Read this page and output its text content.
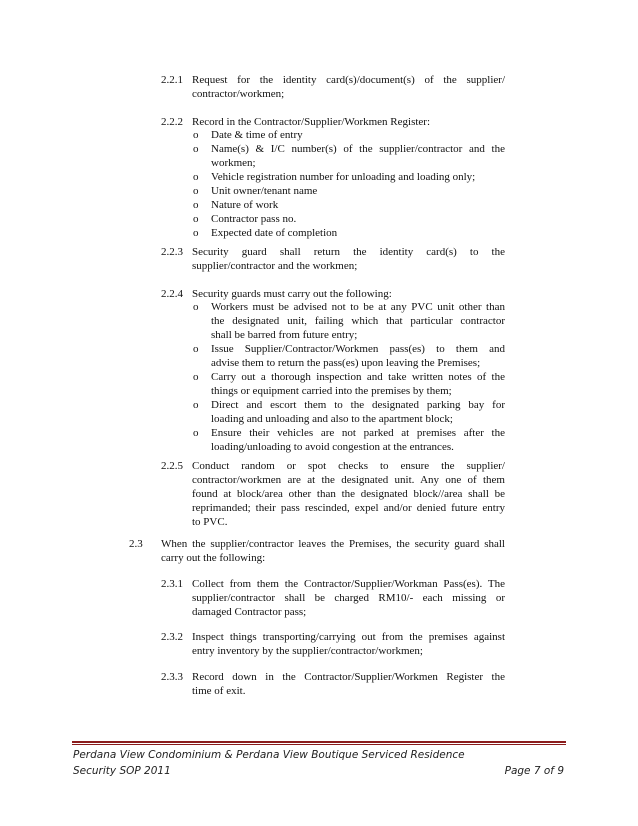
2.2.1 Request for the identity card(s)/document(s) of the supplier/
contractor/workmen;
2.2.2 Record in the Contractor/Supplier/Workmen Register:
o Date & time of entry
o Name(s) & I/C number(s) of the supplier/contractor and the
workmen;
o Vehicle registration number for unloading and loading only;
o Unit owner/tenant name
o Nature of work
o Contractor pass no.
o Expected date of completion
2.2.3 Security guard shall return the identity card(s) to the
supplier/contractor and the workmen;
2.2.4 Security guards must carry out the following:
o Workers must be advised not to be at any PVC unit other than
the designated unit, failing which that particular contractor
shall be barred from future entry;
o Issue Supplier/Contractor/Workmen pass(es) to them and
advise them to return the pass(es) upon leaving the Premises;
o Carry out a thorough inspection and take written notes of the
things or equipment carried into the premises by them;
o Direct and escort them to the designated parking bay for
loading and unloading and also to the apartment block;
o Ensure their vehicles are not parked at premises after the
loading/unloading to avoid congestion at the entrances.
2.2.5 Conduct random or spot checks to ensure the supplier/
contractor/workmen are at the designated unit. Any one of them
found at block/area other than the designated block//area shall be
reprimanded; their pass rescinded, expel and/or denied future entry
to PVC.
2.3 When the supplier/contractor leaves the Premises, the security guard shall
carry out the following:
2.3.1 Collect from them the Contractor/Supplier/Workman Pass(es). The
supplier/contractor shall be charged RM10/- each missing or
damaged Contractor pass;
2.3.2 Inspect things transporting/carrying out from the premises against
entry inventory by the supplier/contractor/workmen;
2.3.3 Record down in the Contractor/Supplier/Workmen Register the
time of exit.
Perdana View Condominium & Perdana View Boutique Serviced Residence
Security SOP 2011	Page 7 of 9
